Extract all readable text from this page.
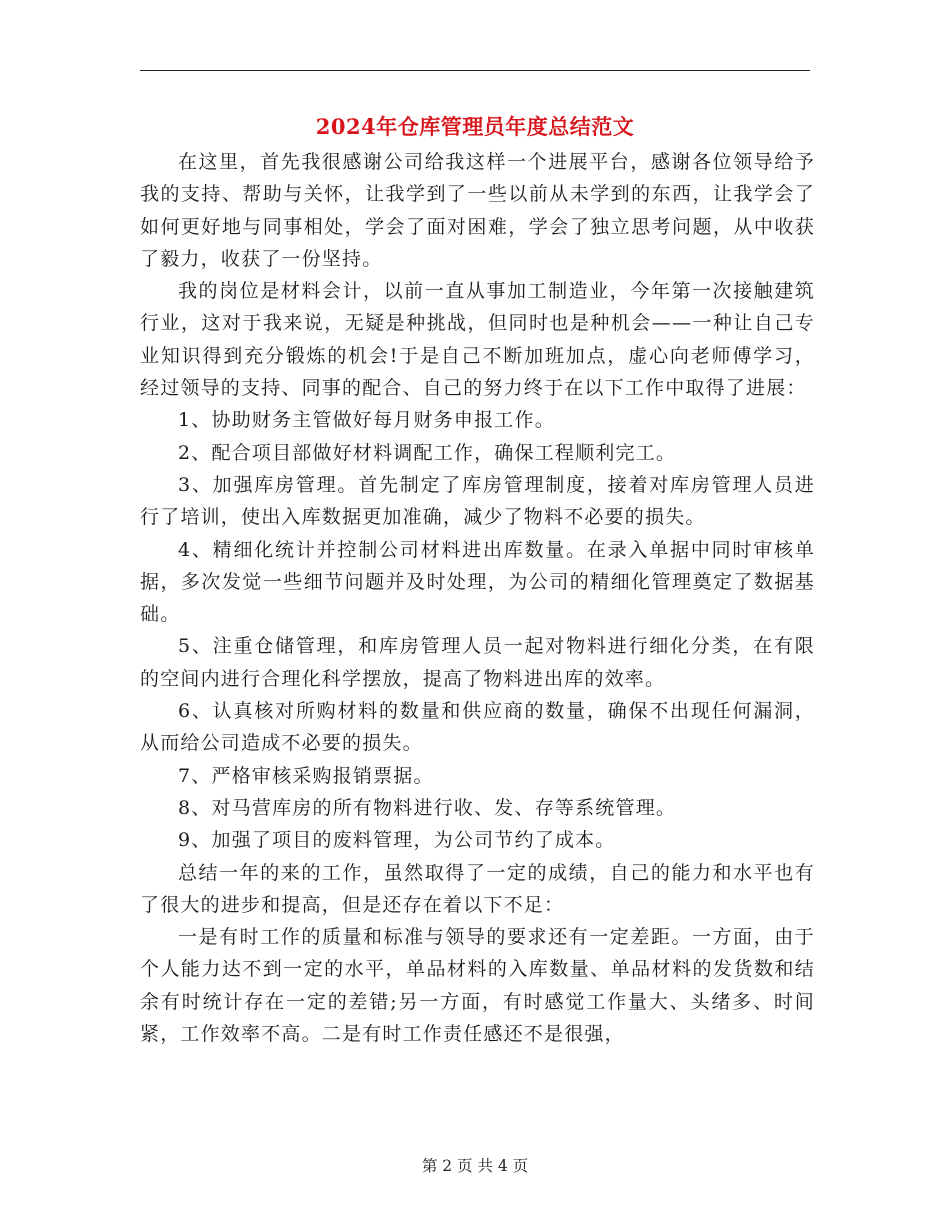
2024年仓库管理员年度总结范文

在这里，首先我很感谢公司给我这样一个进展平台，感谢各位领导给予我的支持、帮助与关怀，让我学到了一些以前从未学到的东西，让我学会了如何更好地与同事相处，学会了面对困难，学会了独立思考问题，从中收获了毅力，收获了一份坚持。

我的岗位是材料会计，以前一直从事加工制造业，今年第一次接触建筑行业，这对于我来说，无疑是种挑战，但同时也是种机会——一种让自己专业知识得到充分锻炼的机会!于是自己不断加班加点，虚心向老师傅学习，经过领导的支持、同事的配合、自己的努力终于在以下工作中取得了进展：

1、协助财务主管做好每月财务申报工作。

2、配合项目部做好材料调配工作，确保工程顺利完工。

3、加强库房管理。首先制定了库房管理制度，接着对库房管理人员进行了培训，使出入库数据更加准确，减少了物料不必要的损失。

4、精细化统计并控制公司材料进出库数量。在录入单据中同时审核单据，多次发觉一些细节问题并及时处理，为公司的精细化管理奠定了数据基础。

5、注重仓储管理，和库房管理人员一起对物料进行细化分类，在有限的空间内进行合理化科学摆放，提高了物料进出库的效率。

6、认真核对所购材料的数量和供应商的数量，确保不出现任何漏洞，从而给公司造成不必要的损失。

7、严格审核采购报销票据。

8、对马营库房的所有物料进行收、发、存等系统管理。

9、加强了项目的废料管理，为公司节约了成本。

总结一年的来的工作，虽然取得了一定的成绩，自己的能力和水平也有了很大的进步和提高，但是还存在着以下不足：

一是有时工作的质量和标准与领导的要求还有一定差距。一方面，由于个人能力达不到一定的水平，单品材料的入库数量、单品材料的发货数和结余有时统计存在一定的差错;另一方面，有时感觉工作量大、头绪多、时间紧，工作效率不高。二是有时工作责任感还不是很强，

第 2 页 共 4 页
